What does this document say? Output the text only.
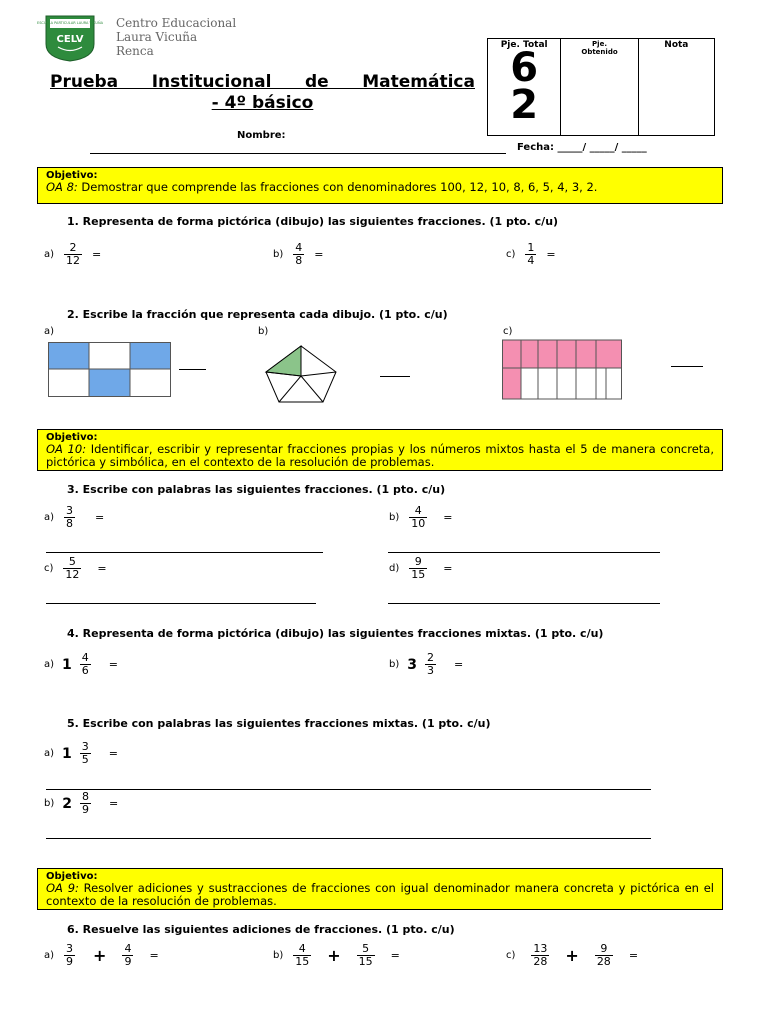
ESCUELA PARTICULAR LAURA VICUÑA
CELV
Centro Educacional
Laura Vicuña
Renca
Prueba Institucional de Matemática
- 4º básico
Nombre:
Fecha: _____/ _____/ _____
Pje. Total
6
2
Pje. Obtenido
Nota
Objetivo:
OA 8: Demostrar que comprende las fracciones con denominadores 100, 12, 10, 8, 6, 5, 4, 3, 2.
1. Representa de forma pictórica (dibujo) las siguientes fracciones. (1 pto. c/u)
$a) \frac{2}{12}$ =	$b) \frac{4}{8}$ =	$c) \frac{1}{4}$ =
2. Escribe la fracción que representa cada dibujo. (1 pto. c/u)
a)	b)	c)
Objetivo:
OA 10: Identificar, escribir y representar fracciones propias y los números mixtos hasta el 5 de manera concreta, pictórica y simbólica, en el contexto de la resolución de problemas.
3. Escribe con palabras las siguientes fracciones. (1 pto. c/u)
$a) \frac{3}{8}$ =	$b) \frac{4}{10}$ =
$c) \frac{5}{12}$ =	$d) \frac{9}{15}$ =
4. Representa de forma pictórica (dibujo) las siguientes fracciones mixtas. (1 pto. c/u)
a) $1 \frac{4}{6}$ =	b) $3 \frac{2}{3}$ =
5. Escribe con palabras las siguientes fracciones mixtas. (1 pto. c/u)
a) $1 \frac{3}{5}$ =
b) $2 \frac{8}{9}$ =
Objetivo:
OA 9: Resolver adiciones y sustracciones de fracciones con igual denominador manera concreta y pictórica en el contexto de la resolución de problemas.
6. Resuelve las siguientes adiciones de fracciones. (1 pto. c/u)
$a) \frac{3}{9} + \frac{4}{9}$ =	$b) \frac{4}{15} + \frac{5}{15}$ =	$c) \frac{13}{28} + \frac{9}{28}$ =
